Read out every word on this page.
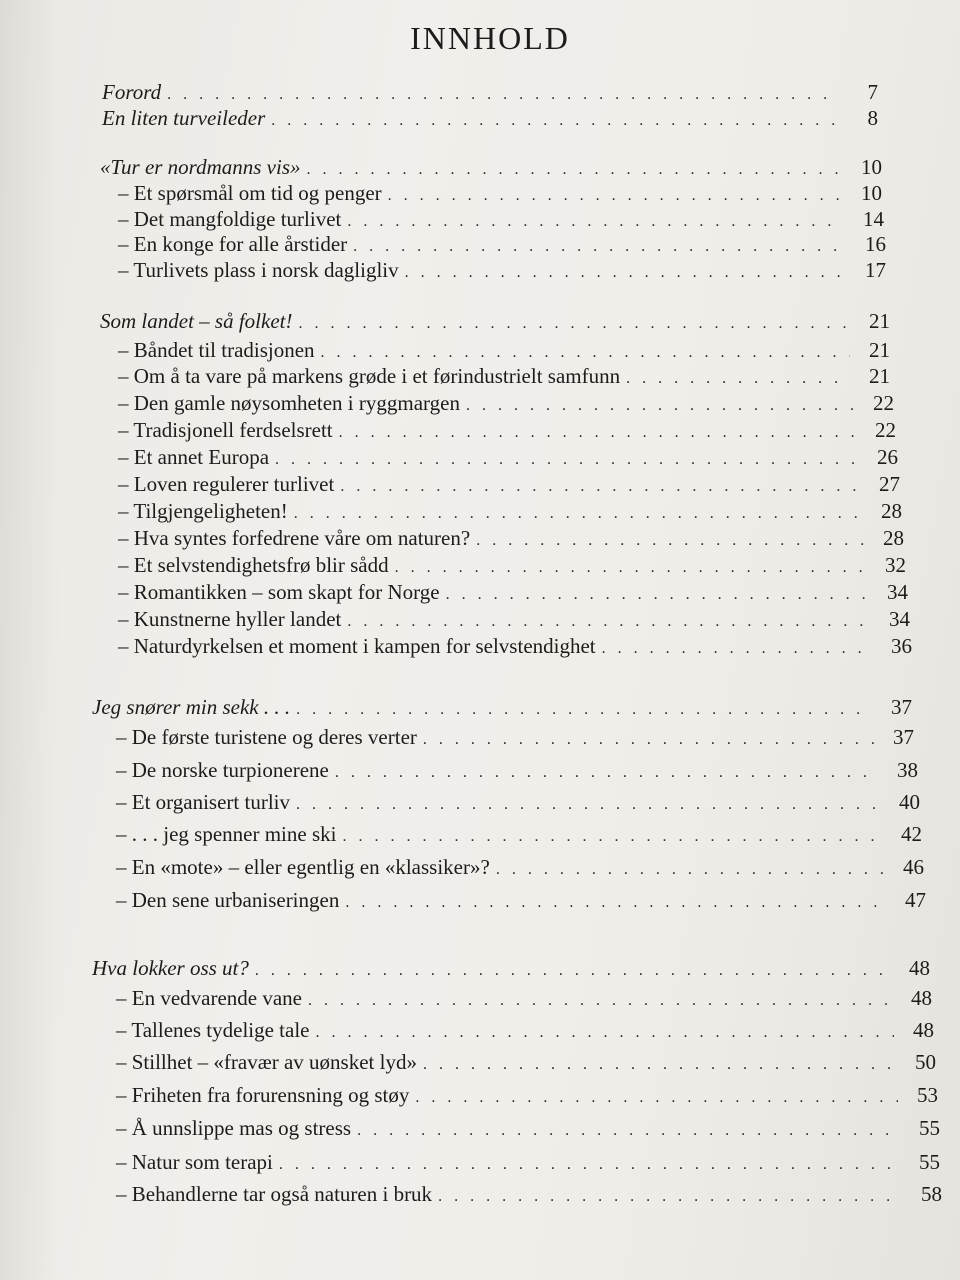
INNHOLD
Forord . . .	7
En liten turveileder . . .	8
«Tur er nordmanns vis» . . .	10
– Et spørsmål om tid og penger . . .	10
– Det mangfoldige turlivet . . .	14
– En konge for alle årstider . . .	16
– Turlivets plass i norsk dagligliv . . .	17
Som landet – så folket! . . .	21
– Båndet til tradisjonen . . .	21
– Om å ta vare på markens grøde i et førindustrielt samfunn . . .	21
– Den gamle nøysomheten i ryggmargen . . .	22
– Tradisjonell ferdselsrett . . .	22
– Et annet Europa . . .	26
– Loven regulerer turlivet . . .	27
– Tilgjengeligheten! . . .	28
– Hva syntes forfedrene våre om naturen? . . .	28
– Et selvstendighetsfrø blir sådd . . .	32
– Romantikken – som skapt for Norge . . .	34
– Kunstnerne hyller landet . . .	34
– Naturdyrkelsen et moment i kampen for selvstendighet . . .	36
Jeg snører min sekk . . . . . .	37
– De første turistene og deres verter . . .	37
– De norske turpionerene . . .	38
– Et organisert turliv . . .	40
– . . . jeg spenner mine ski . . .	42
– En «mote» – eller egentlig en «klassiker»? . . .	46
– Den sene urbaniseringen . . .	47
Hva lokker oss ut? . . .	48
– En vedvarende vane . . .	48
– Tallenes tydelige tale . . .	48
– Stillhet – «fravær av uønsket lyd» . . .	50
– Friheten fra forurensning og støy . . .	53
– Å unnslippe mas og stress . . .	55
– Natur som terapi . . .	55
– Behandlerne tar også naturen i bruk . . .	58
